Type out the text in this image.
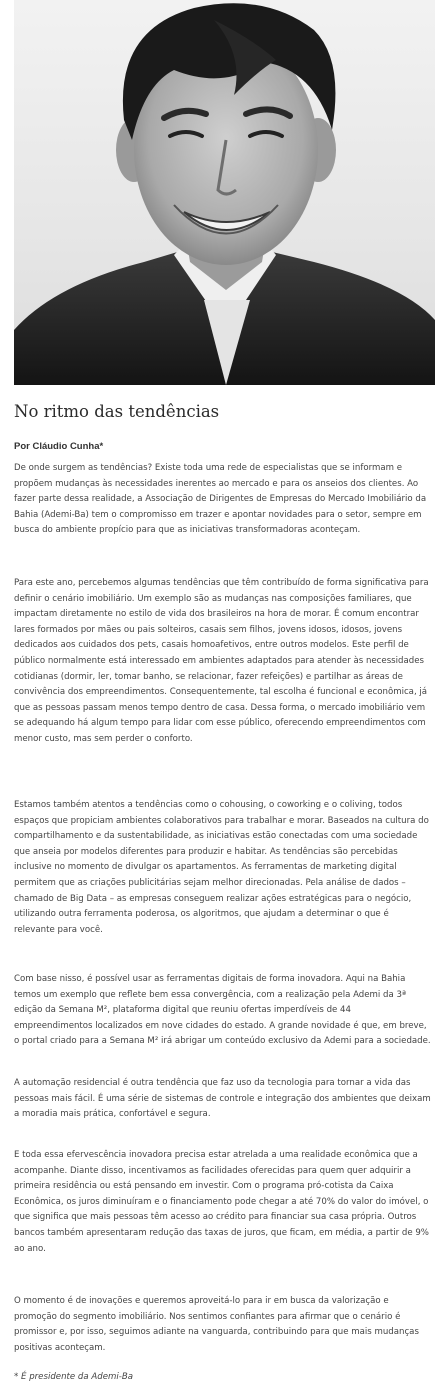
No ritmo das tendências
Por Cláudio Cunha*

De onde surgem as tendências? Existe toda uma rede de especialistas que se informam e propõem mudanças às necessidades inerentes ao mercado e para os anseios dos clientes. Ao fazer parte dessa realidade, a Associação de Dirigentes de Empresas do Mercado Imobiliário da Bahia (Ademi-Ba) tem o compromisso em trazer e apontar novidades para o setor, sempre em busca do ambiente propício para que as iniciativas transformadoras aconteçam.

Para este ano, percebemos algumas tendências que têm contribuído de forma significativa para definir o cenário imobiliário. Um exemplo são as mudanças nas composições familiares, que impactam diretamente no estilo de vida dos brasileiros na hora de morar. É comum encontrar lares formados por mães ou pais solteiros, casais sem filhos, jovens idosos, idosos, jovens dedicados aos cuidados dos pets, casais homoafetivos, entre outros modelos. Este perfil de público normalmente está interessado em ambientes adaptados para atender às necessidades cotidianas (dormir, ler, tomar banho, se relacionar, fazer refeições) e partilhar as áreas de convivência dos empreendimentos. Consequentemente, tal escolha é funcional e econômica, já que as pessoas passam menos tempo dentro de casa. Dessa forma, o mercado imobiliário vem se adequando há algum tempo para lidar com esse público, oferecendo empreendimentos com menor custo, mas sem perder o conforto.

Estamos também atentos a tendências como o cohousing, o coworking e o coliving, todos espaços que propiciam ambientes colaborativos para trabalhar e morar. Baseados na cultura do compartilhamento e da sustentabilidade, as iniciativas estão conectadas com uma sociedade que anseia por modelos diferentes para produzir e habitar. As tendências são percebidas inclusive no momento de divulgar os apartamentos. As ferramentas de marketing digital permitem que as criações publicitárias sejam melhor direcionadas. Pela análise de dados – chamado de Big Data – as empresas conseguem realizar ações estratégicas para o negócio, utilizando outra ferramenta poderosa, os algoritmos, que ajudam a determinar o que é relevante para você.

Com base nisso, é possível usar as ferramentas digitais de forma inovadora. Aqui na Bahia temos um exemplo que reflete bem essa convergência, com a realização pela Ademi da 3ª edição da Semana M², plataforma digital que reuniu ofertas imperdíveis de 44 empreendimentos localizados em nove cidades do estado. A grande novidade é que, em breve, o portal criado para a Semana M² irá abrigar um conteúdo exclusivo da Ademi para a sociedade.

A automação residencial é outra tendência que faz uso da tecnologia para tornar a vida das pessoas mais fácil. É uma série de sistemas de controle e integração dos ambientes que deixam a moradia mais prática, confortável e segura.

E toda essa efervescência inovadora precisa estar atrelada a uma realidade econômica que a acompanhe. Diante disso, incentivamos as facilidades oferecidas para quem quer adquirir a primeira residência ou está pensando em investir. Com o programa pró-cotista da Caixa Econômica, os juros diminuíram e o financiamento pode chegar a até 70% do valor do imóvel, o que significa que mais pessoas têm acesso ao crédito para financiar sua casa própria. Outros bancos também apresentaram redução das taxas de juros, que ficam, em média, a partir de 9% ao ano.

O momento é de inovações e queremos aproveitá-lo para ir em busca da valorização e promoção do segmento imobiliário. Nos sentimos confiantes para afirmar que o cenário é promissor e, por isso, seguimos adiante na vanguarda, contribuindo para que mais mudanças positivas aconteçam.

* É presidente da Ademi-Ba
